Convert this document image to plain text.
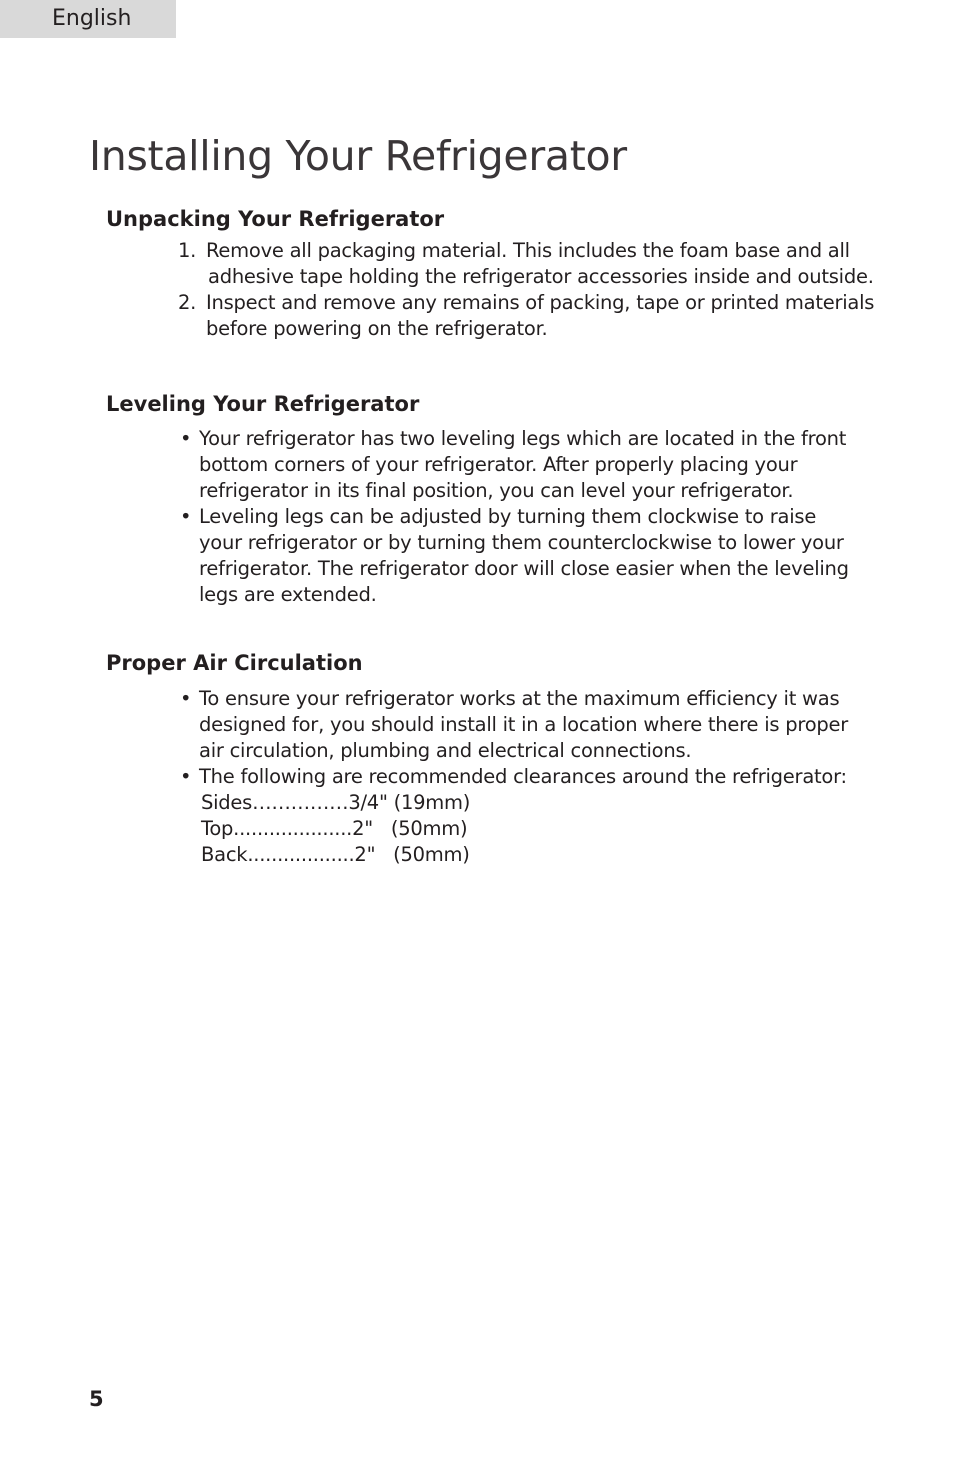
English
Installing Your Refrigerator
Unpacking Your Refrigerator
1. Remove all packaging material. This includes the foam base and all
adhesive tape holding the refrigerator accessories inside and outside.
2. Inspect and remove any remains of packing, tape or printed materials
before powering on the refrigerator.
Leveling Your Refrigerator
• Your refrigerator has two leveling legs which are located in the front
bottom corners of your refrigerator. After properly placing your
refrigerator in its final position, you can level your refrigerator.
• Leveling legs can be adjusted by turning them clockwise to raise
your refrigerator or by turning them counterclockwise to lower your
refrigerator. The refrigerator door will close easier when the leveling
legs are extended.
Proper Air Circulation
• To ensure your refrigerator works at the maximum efficiency it was
designed for, you should install it in a location where there is proper
air circulation, plumbing and electrical connections.
• The following are recommended clearances around the refrigerator:
Sides……………3/4" (19mm)
Top....................2"   (50mm)
Back..................2"   (50mm)
5
